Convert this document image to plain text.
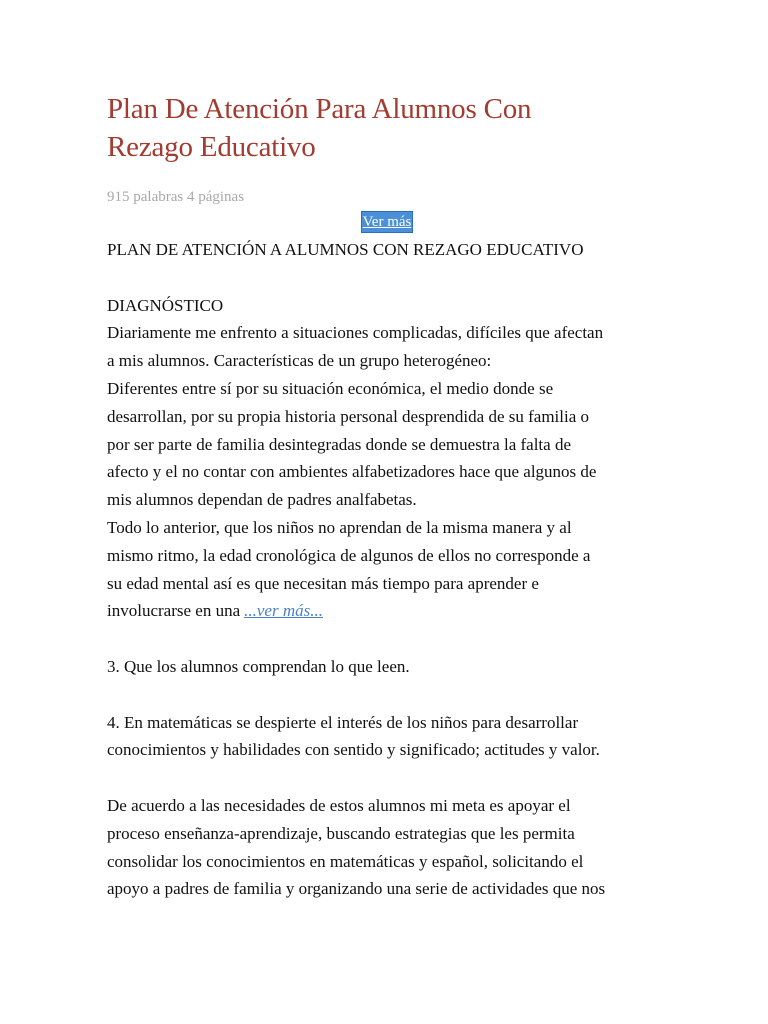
Plan De Atención Para Alumnos Con
Rezago Educativo
915 palabras 4 páginas
Ver más

PLAN DE ATENCIÓN A ALUMNOS CON REZAGO EDUCATIVO

DIAGNÓSTICO

Diariamente me enfrento a situaciones complicadas, difíciles que afectan

a mis alumnos. Características de un grupo heterogéneo:

Diferentes entre sí por su situación económica, el medio donde se

desarrollan, por su propia historia personal desprendida de su familia o

por ser parte de familia desintegradas donde se demuestra la falta de

afecto y el no contar con ambientes alfabetizadores hace que algunos de

mis alumnos dependan de padres analfabetas.

Todo lo anterior, que los niños no aprendan de la misma manera y al

mismo ritmo, la edad cronológica de algunos de ellos no corresponde a

su edad mental así es que necesitan más tiempo para aprender e

involucrarse en una ...ver más...

3. Que los alumnos comprendan lo que leen.

4. En matemáticas se despierte el interés de los niños para desarrollar

conocimientos y habilidades con sentido y significado; actitudes y valor.

De acuerdo a las necesidades de estos alumnos mi meta es apoyar el

proceso enseñanza-aprendizaje, buscando estrategias que les permita

consolidar los conocimientos en matemáticas y español, solicitando el

apoyo a padres de familia y organizando una serie de actividades que nos
